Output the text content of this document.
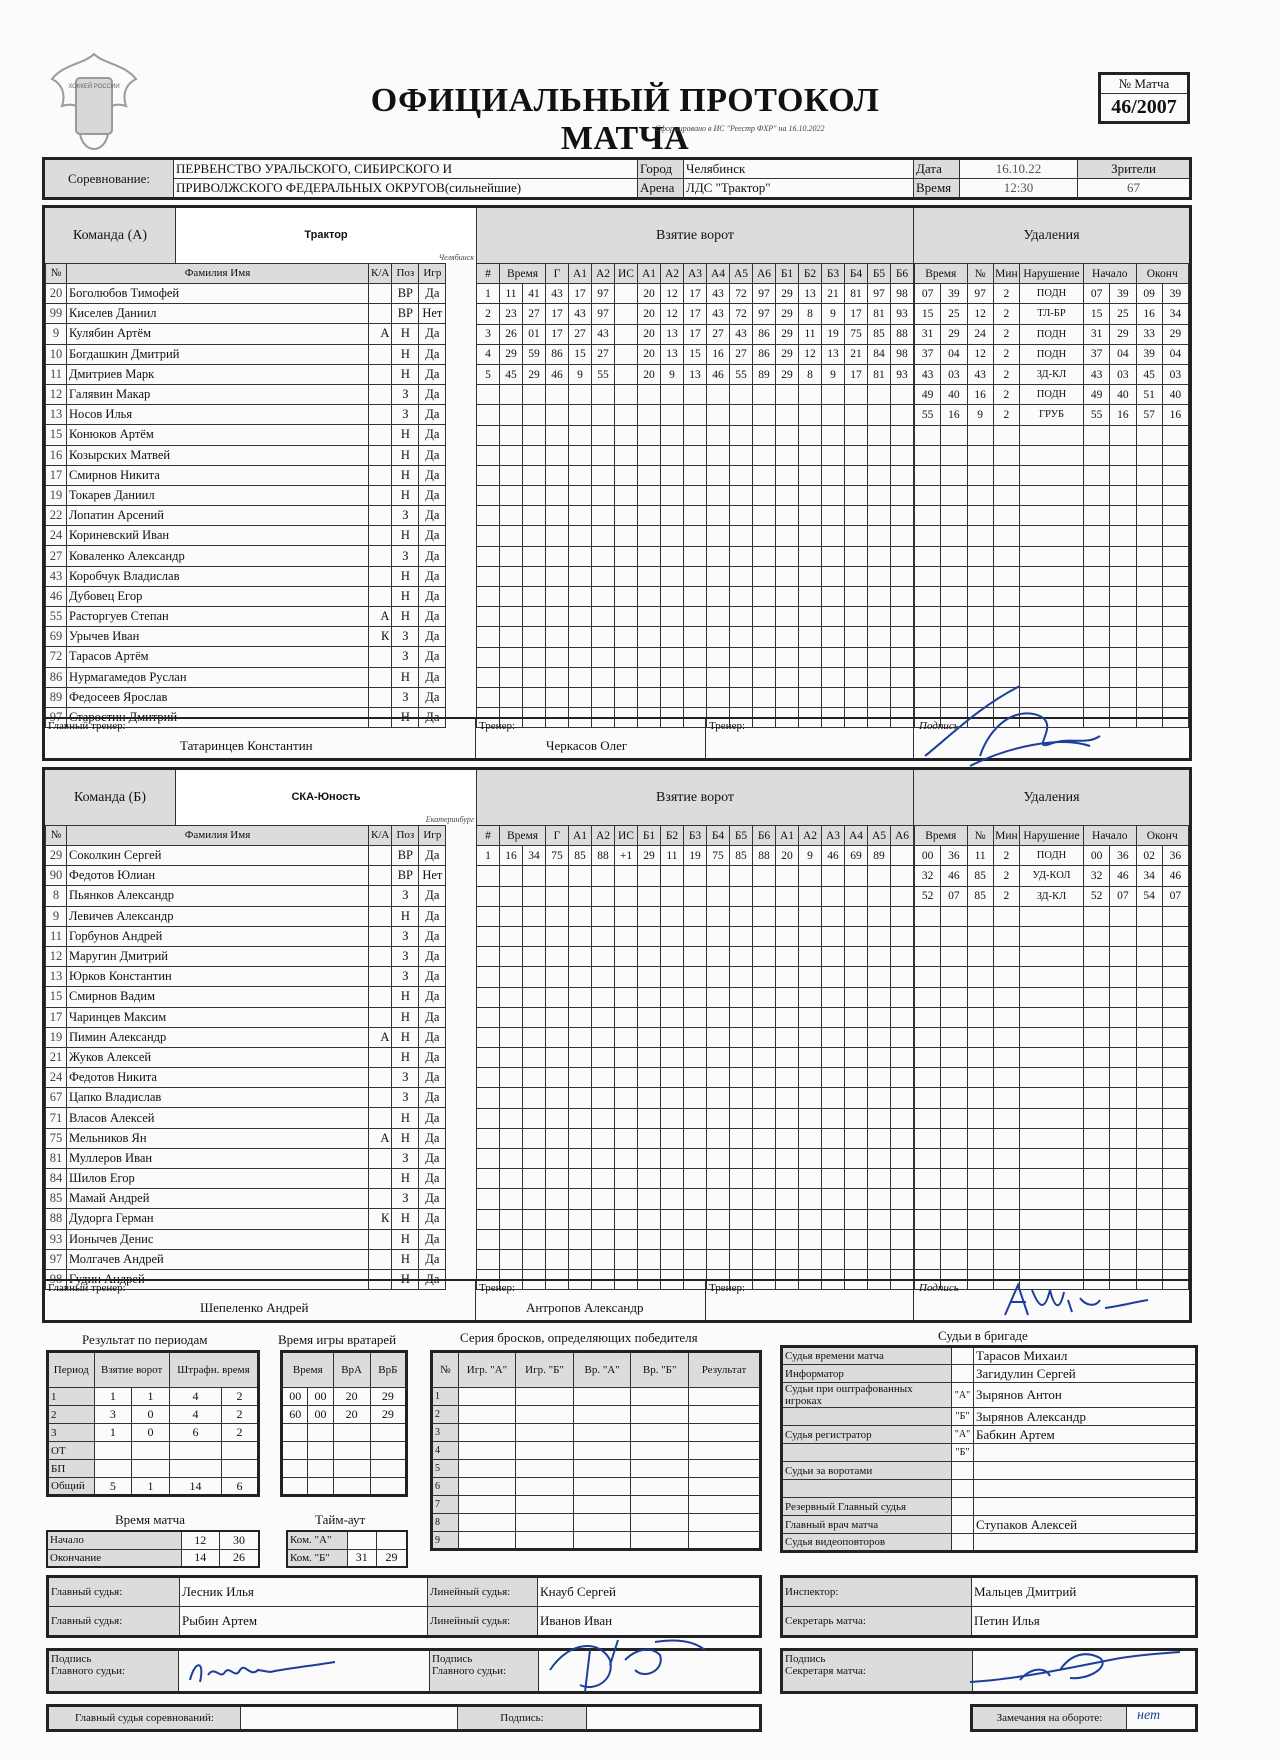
ХОККЕЙ РОССИИ	ОФИЦИАЛЬНЫЙ ПРОТОКОЛ МАТЧА
Сформировано в ИС "Реестр ФХР" на 16.10.2022
№ Матча
46/2007
Соревнование:	ПЕРВЕНСТВО УРАЛЬСКОГО, СИБИРСКОГО И	Город	Челябинск	Дата	16.10.22	Зрители
	ПРИВОЛЖСКОГО ФЕДЕРАЛЬНЫХ ОКРУГОВ(сильнейшие)	Арена	ЛДС "Трактор"	Время	12:30	67
Команда (А)	Трактор
Челябинск
Взятие ворот	Удаления
№	Фамилия Имя	К/А	Поз	Игр
20	Боголюбов Тимофей		ВР	Да
99	Киселев Даниил		ВР	Нет
9	Кулябин Артём	А	Н	Да
10	Богдашкин Дмитрий		Н	Да
11	Дмитриев Марк		Н	Да
12	Галявин Макар		З	Да
13	Носов Илья		З	Да
15	Конюков Артём		Н	Да
16	Козырских Матвей		Н	Да
17	Смирнов Никита		Н	Да
19	Токарев Даниил		Н	Да
22	Лопатин Арсений		З	Да
24	Кориневский Иван		Н	Да
27	Коваленко Александр		З	Да
43	Коробчук Владислав		Н	Да
46	Дубовец Егор		Н	Да
55	Расторгуев Степан	А	Н	Да
69	Урычев Иван	К	З	Да
72	Тарасов Артём		З	Да
86	Нурмагамедов Руслан		Н	Да
89	Федосеев Ярослав		З	Да
97	Старостин Дмитрий		Н	Да
#	Время		Г	А1	А2	ИС	А1	А2	А3	А4	А5	А6	Б1	Б2	Б3	Б4	Б5	Б6
1	11	41	43	17	97		20	12	17	43	72	97	29	13	21	81	97	98
2	23	27	17	43	97		20	12	17	43	72	97	29	8	9	17	81	93
3	26	01	17	27	43		20	13	17	27	43	86	29	11	19	75	85	88
4	29	59	86	15	27		20	13	15	16	27	86	29	12	13	21	84	98
5	45	29	46	9	55		20	9	13	46	55	89	29	8	9	17	81	93

Время		№	Мин	Нарушение	Начало		Оконч	
07	39	97	2	ПОДН	07	39	09	39
15	25	12	2	ТЛ-БР	15	25	16	34
31	29	24	2	ПОДН	31	29	33	29
37	04	12	2	ПОДН	37	04	39	04
43	03	43	2	ЗД-КЛ	43	03	45	03
49	40	16	2	ПОДН	49	40	51	40
55	16	9	2	ГРУБ	55	16	57	16

Главный тренер:
Татаринцев Константин
Тренер:
Черкасов Олег
Тренер:	Подпись
Команда (Б)	СКА-Юность
Екатеринбург
Взятие ворот	Удаления
№	Фамилия Имя	К/А	Поз	Игр
29	Соколкин Сергей		ВР	Да
90	Федотов Юлиан		ВР	Нет
8	Пьянков Александр		З	Да
9	Левичев Александр		Н	Да
11	Горбунов Андрей		З	Да
12	Маругин Дмитрий		З	Да
13	Юрков Константин		З	Да
15	Смирнов Вадим		Н	Да
17	Чаринцев Максим		Н	Да
19	Пимин Александр	А	Н	Да
21	Жуков Алексей		Н	Да
24	Федотов Никита		З	Да
67	Цапко Владислав		З	Да
71	Власов Алексей		Н	Да
75	Мельников Ян	А	Н	Да
81	Муллеров Иван		З	Да
84	Шилов Егор		Н	Да
85	Мамай Андрей		З	Да
88	Дудорга Герман	К	Н	Да
93	Ионычев Денис		Н	Да
97	Молгачев Андрей		Н	Да
98	Гудин Андрей		Н	Да
#	Время		Г	А1	А2	ИС	Б1	Б2	Б3	Б4	Б5	Б6	А1	А2	А3	А4	А5	А6
1	16	34	75	85	88	+1	29	11	19	75	85	88	20	9	46	69	89	

Время		№	Мин	Нарушение	Начало		Оконч	
00	36	11	2	ПОДН	00	36	02	36
32	46	85	2	УД-КОЛ	32	46	34	46
52	07	85	2	ЗД-КЛ	52	07	54	07

Главный тренер:
Шепеленко Андрей
Тренер:
Антропов Александр
Тренер:	Подпись
Результат по периодам
Период	Взятие ворот		Штрафн. время	
1	1	1	4	2
2	3	0	4	2
3	1	0	6	2
ОТ				
БП				
Общий	5	1	14	6
Время матча
Начало	12	30
Окончание	14	26
Время игры вратарей
Время		ВрА	ВрБ
00	00	20	29
60	00	20	29

Тайм-аут
Ком. "А"		
Ком. "Б"	31	29
Серия бросков, определяющих победителя
№	Игр. "А"	Игр. "Б"	Вр. "А"	Вр. "Б"	Результат
1					
2					
3					
4					
5					
6					
7					
8					
9					
Судьи в бригаде
Судья времени матча		Тарасов Михаил
Информатор		Загидулин Сергей
Судьи при оштрафованных игроках	"А"	Зырянов Антон
	"Б"	Зырянов Александр
Судья регистратор	"А"	Бабкин Артем
	"Б"	
Судьи за воротами		

Резервный Главный судья		
Главный врач матча		Ступаков Алексей
Судья видеоповторов		
Главный судья:	Лесник Илья	Линейный судья:	Кнауб Сергей
Главный судья:	Рыбин Артем	Линейный судья:	Иванов Иван
Инспектор:	Мальцев Дмитрий
Секретарь матча:	Петин Илья
Подпись
Главного судьи:
Подпись
Главного судьи:
Подпись
Секретаря матча:
Главный судья соревнований:	Подпись:	Замечания на обороте:	нет
